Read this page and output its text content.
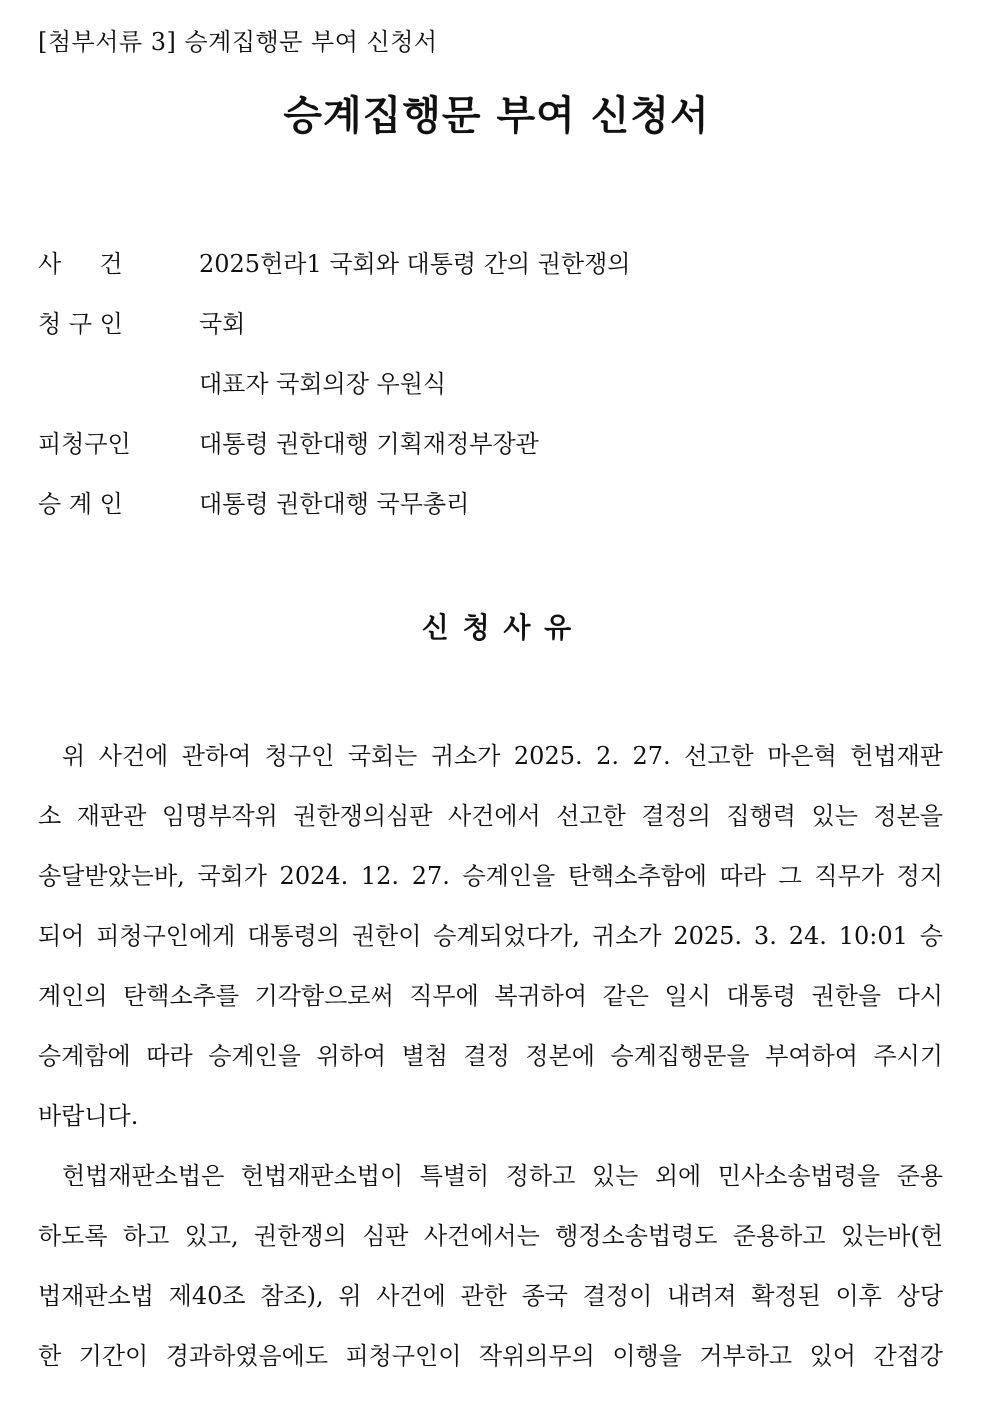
[첨부서류 3] 승계집행문 부여 신청서
승계집행문 부여 신청서
사     건	2025헌라1 국회와 대통령 간의 권한쟁의
청 구 인	국회
대표자 국회의장 우원식
피청구인	대통령 권한대행 기획재정부장관
승 계 인	대통령 권한대행 국무총리
신 청 사 유
위 사건에 관하여 청구인 국회는 귀소가 2025. 2. 27. 선고한 마은혁 헌법재판
소 재판관 임명부작위 권한쟁의심판 사건에서 선고한 결정의 집행력 있는 정본을
송달받았는바, 국회가 2024. 12. 27. 승계인을 탄핵소추함에 따라 그 직무가 정지
되어 피청구인에게 대통령의 권한이 승계되었다가, 귀소가 2025. 3. 24. 10:01 승
계인의 탄핵소추를 기각함으로써 직무에 복귀하여 같은 일시 대통령 권한을 다시
승계함에 따라 승계인을 위하여 별첨 결정 정본에 승계집행문을 부여하여 주시기
바랍니다.
헌법재판소법은 헌법재판소법이 특별히 정하고 있는 외에 민사소송법령을 준용
하도록 하고 있고, 권한쟁의 심판 사건에서는 행정소송법령도 준용하고 있는바(헌
법재판소법 제40조 참조), 위 사건에 관한 종국 결정이 내려져 확정된 이후 상당
한 기간이 경과하였음에도 피청구인이 작위의무의 이행을 거부하고 있어 간접강
